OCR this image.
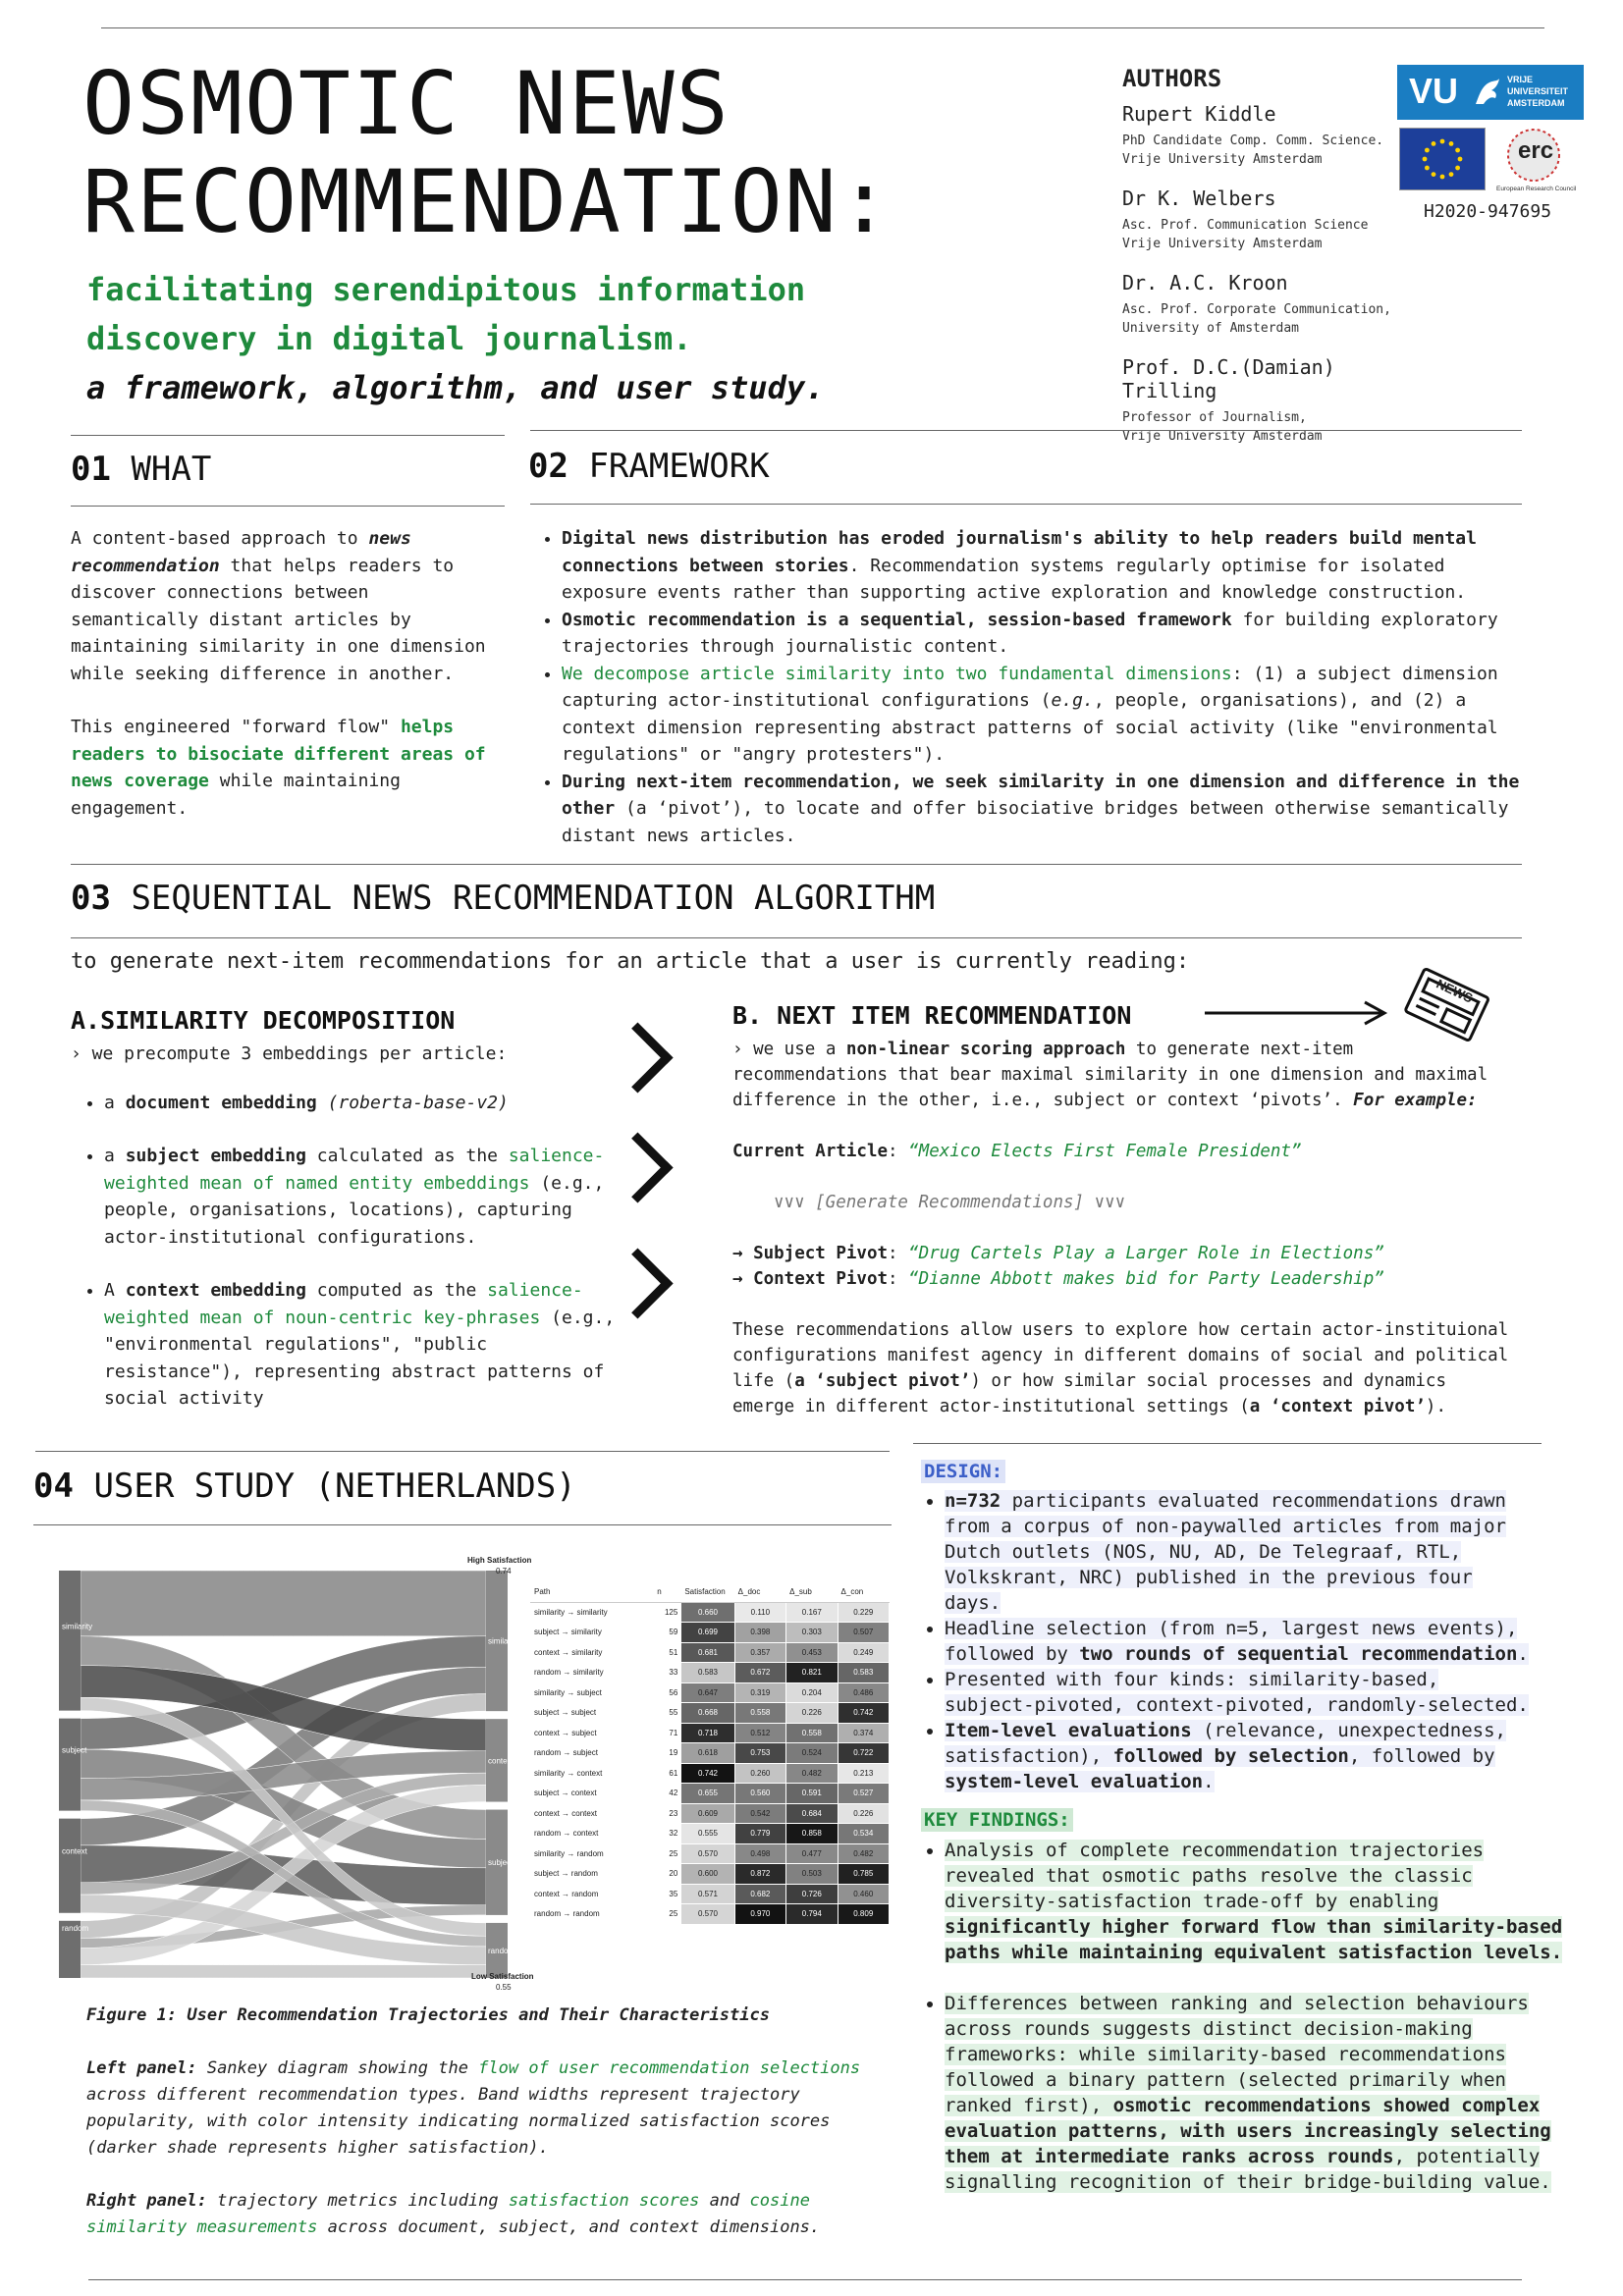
OSMOTIC NEWS
RECOMMENDATION:
facilitating serendipitous information
discovery in digital journalism.
a framework, algorithm, and user study.
AUTHORS
Rupert Kiddle
PhD Candidate Comp. Comm. Science.
Vrije University Amsterdam
Dr K. Welbers
Asc. Prof. Communication Science
Vrije University Amsterdam
Dr. A.C. Kroon
Asc. Prof. Corporate Communication,
University of Amsterdam
Prof. D.C.(Damian) Trilling
Professor of Journalism,
Vrije University Amsterdam
VU	VRIJE
UNIVERSITEIT
AMSTERDAM
erc
European Research Council
H2020-947695
01 WHAT

A content-based approach to news recommendation that helps readers to discover connections between semantically distant articles by maintaining similarity in one dimension while seeking difference in another.

This engineered "forward flow" helps readers to bisociate different areas of news coverage while maintaining engagement.

02 FRAMEWORK
• Digital news distribution has eroded journalism's ability to help readers build mental connections between stories. Recommendation systems regularly optimise for isolated exposure events rather than supporting active exploration and knowledge construction.
• Osmotic recommendation is a sequential, session-based framework for building exploratory trajectories through journalistic content.
• We decompose article similarity into two fundamental dimensions: (1) a subject dimension capturing actor-institutional configurations (e.g., people, organisations), and (2) a context dimension representing abstract patterns of social activity (like "environmental regulations" or "angry protesters").
• During next-item recommendation, we seek similarity in one dimension and difference in the other (a ‘pivot’), to locate and offer bisociative bridges between otherwise semantically distant news articles.
03 SEQUENTIAL NEWS RECOMMENDATION ALGORITHM
to generate next-item recommendations for an article that a user is currently reading:
A.SIMILARITY DECOMPOSITION
› we precompute 3 embeddings per article:
• a document embedding (roberta-base-v2)
• a subject embedding calculated as the salience-weighted mean of named entity embeddings (e.g., people, organisations, locations), capturing actor-institutional configurations.
• A context embedding computed as the salience-weighted mean of noun-centric key-phrases (e.g., "environmental regulations", "public resistance"), representing abstract patterns of social activity
B. NEXT ITEM RECOMMENDATION
NEWS
› we use a non-linear scoring approach to generate next-item recommendations that bear maximal similarity in one dimension and maximal difference in the other, i.e., subject or context ‘pivots’. For example:
Current Article: “Mexico Elects First Female President”
∨∨∨ [Generate Recommendations] ∨∨∨
→ Subject Pivot: “Drug Cartels Play a Larger Role in Elections”
→ Context Pivot: “Dianne Abbott makes bid for Party Leadership”
These recommendations allow users to explore how certain actor-instituional configurations manifest agency in different domains of social and political life (a ‘subject pivot’) or how similar social processes and dynamics emerge in different actor-institutional settings (a ‘context pivot’).
04 USER STUDY (NETHERLANDS)
similarity
subject
context
random
similarity
context
subject
random
High Satisfaction
0.74
Low Satisfaction
0.55
Path	n	Satisfaction	Δ_doc	Δ_sub	Δ_con
similarity → similarity	125	0.660	0.110	0.167	0.229
subject → similarity	59	0.699	0.398	0.303	0.507
context → similarity	51	0.681	0.357	0.453	0.249
random → similarity	33	0.583	0.672	0.821	0.583
similarity → subject	56	0.647	0.319	0.204	0.486
subject → subject	55	0.668	0.558	0.226	0.742
context → subject	71	0.718	0.512	0.558	0.374
random → subject	19	0.618	0.753	0.524	0.722
similarity → context	61	0.742	0.260	0.482	0.213
subject → context	42	0.655	0.560	0.591	0.527
context → context	23	0.609	0.542	0.684	0.226
random → context	32	0.555	0.779	0.858	0.534
similarity → random	25	0.570	0.498	0.477	0.482
subject → random	20	0.600	0.872	0.503	0.785
context → random	35	0.571	0.682	0.726	0.460
random → random	25	0.570	0.970	0.794	0.809
Figure 1: User Recommendation Trajectories and Their Characteristics
Left panel: Sankey diagram showing the flow of user recommendation selections across different recommendation types. Band widths represent trajectory popularity, with color intensity indicating normalized satisfaction scores (darker shade represents higher satisfaction).
Right panel: trajectory metrics including satisfaction scores and cosine similarity measurements across document, subject, and context dimensions.
DESIGN:
• n=732 participants evaluated recommendations drawn from a corpus of non-paywalled articles from major Dutch outlets (NOS, NU, AD, De Telegraaf, RTL, Volkskrant, NRC) published in the previous four days.
• Headline selection (from n=5, largest news events), followed by two rounds of sequential recommendation.
• Presented with four kinds: similarity-based, subject-pivoted, context-pivoted, randomly-selected.
• Item-level evaluations (relevance, unexpectedness, satisfaction), followed by selection, followed by system-level evaluation.
KEY FINDINGS:
• Analysis of complete recommendation trajectories revealed that osmotic paths resolve the classic diversity-satisfaction trade-off by enabling significantly higher forward flow than similarity-based paths while maintaining equivalent satisfaction levels.
• Differences between ranking and selection behaviours across rounds suggests distinct decision-making frameworks: while similarity-based recommendations followed a binary pattern (selected primarily when ranked first), osmotic recommendations showed complex evaluation patterns, with users increasingly selecting them at intermediate ranks across rounds, potentially signalling recognition of their bridge-building value.
